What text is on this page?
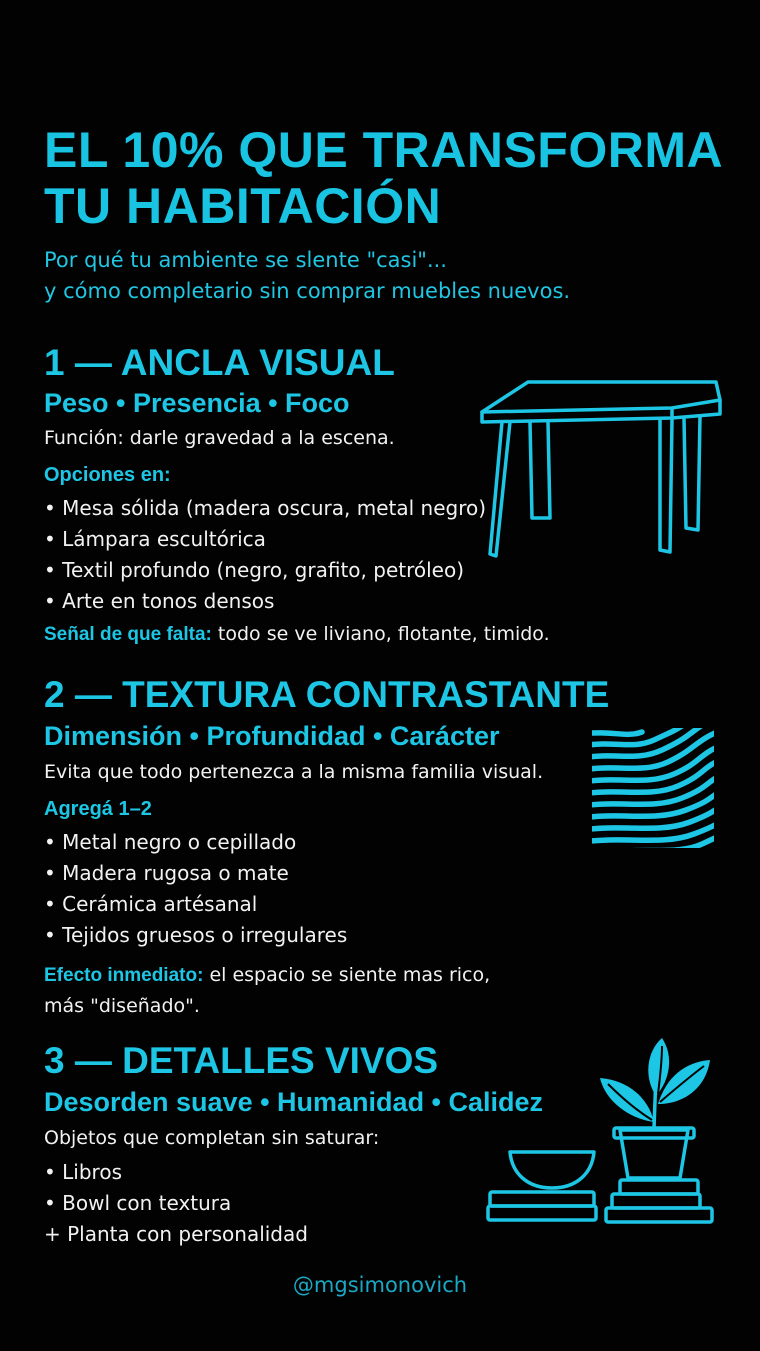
EL 10% QUE TRANSFORMA
TU HABITACIÓN
Por qué tu ambiente se slente "casi"...
y cómo completario sin comprar muebles nuevos.
1 — ANCLA VISUAL
Peso • Presencia • Foco
Función: darle gravedad a la escena.
Opciones en:
• Mesa sólida (madera oscura, metal negro)
• Lámpara escultórica
• Textil profundo (negro, grafito, petróleo)
• Arte en tonos densos
Señal de que falta: todo se ve liviano, flotante, timido.
2 — TEXTURA CONTRASTANTE
Dimensión • Profundidad • Carácter
Evita que todo pertenezca a la misma familia visual.
Agregá 1–2
• Metal negro o cepillado
• Madera rugosa o mate
• Cerámica artésanal
• Tejidos gruesos o irregulares
Efecto inmediato: el espacio se siente mas rico,
más "diseñado".
3 — DETALLES VIVOS
Desorden suave • Humanidad • Calidez
Objetos que completan sin saturar:
• Libros
• Bowl con textura
+ Planta con personalidad
@mgsimonovich
